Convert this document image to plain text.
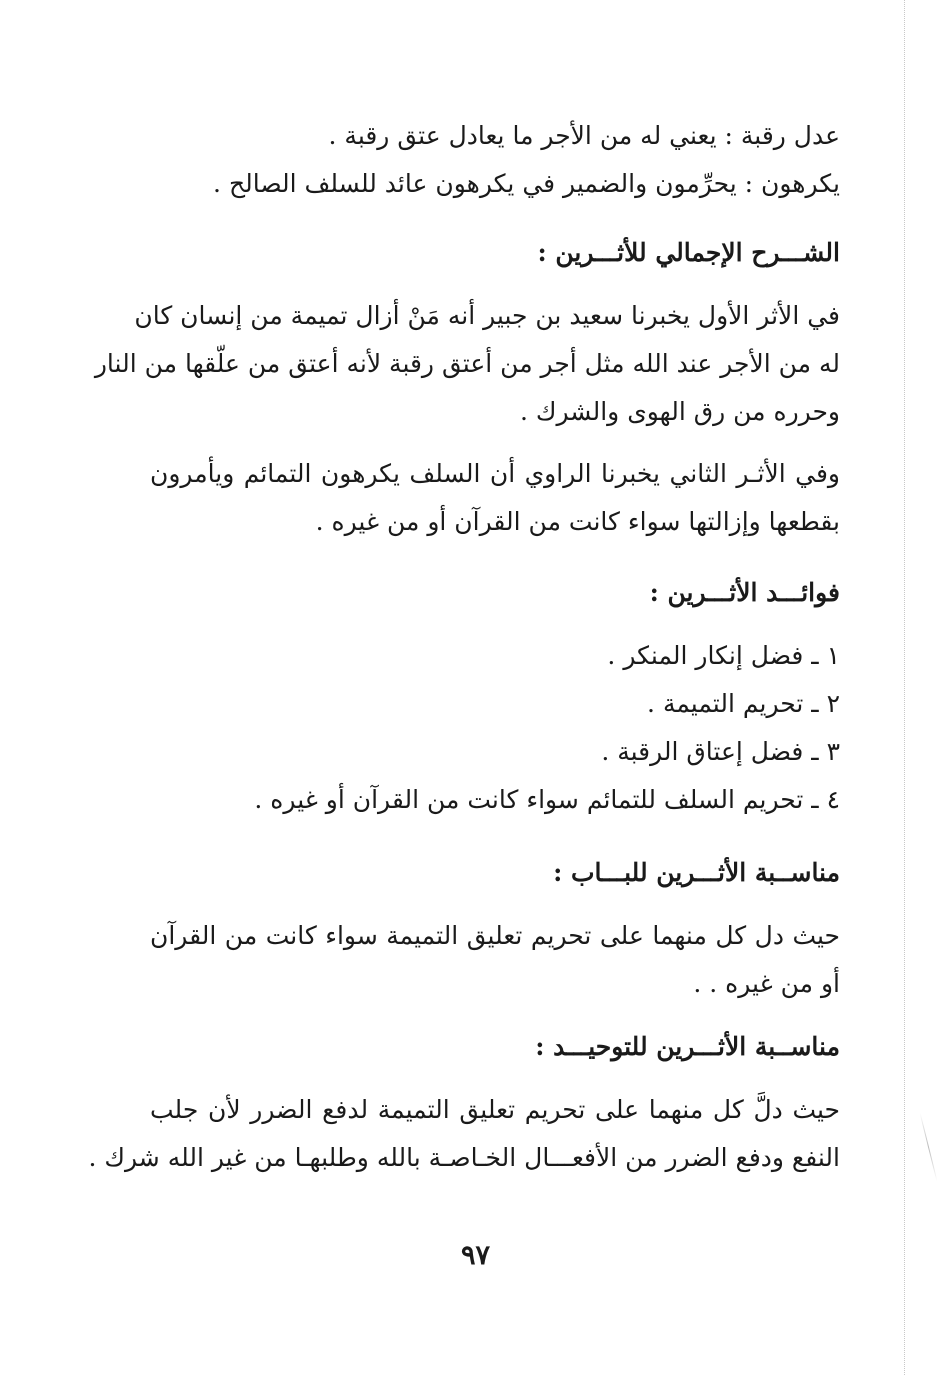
عدل رقبة : يعني له من الأجر ما يعادل عتق رقبة .
يكرهون : يحرِّمون والضمير في يكرهون عائد للسلف الصالح .
الشـــرح الإجمالي للأثـــرين :
في الأثر الأول يخبرنا سعيد بن جبير أنه مَنْ أزال تميمة من إنسان كان
له من الأجر عند الله مثل أجر من أعتق رقبة لأنه أعتق من علّقها من النار
وحرره من رق الهوى والشرك .
وفي الأثـر الثاني يخبرنا الراوي أن السلف يكرهون التمائم ويأمرون
بقطعها وإزالتها سواء كانت من القرآن أو من غيره .
فوائـــد الأثـــرين :
١ ـ فضل إنكار المنكر .
٢ ـ تحريم التميمة .
٣ ـ فضل إعتاق الرقبة .
٤ ـ تحريم السلف للتمائم سواء كانت من القرآن أو غيره .
مناســبة الأثـــرين للبـــاب :
حيث دل كل منهما على تحريم تعليق التميمة سواء كانت من القرآن
أو من غيره . .
مناســبة الأثـــرين للتوحيـــد :
حيث دلَّ كل منهما على تحريم تعليق التميمة لدفع الضرر لأن جلب
النفع ودفع الضرر من الأفعـــال الخـاصـة بالله وطلبهـا من غير الله شرك .
٩٧
